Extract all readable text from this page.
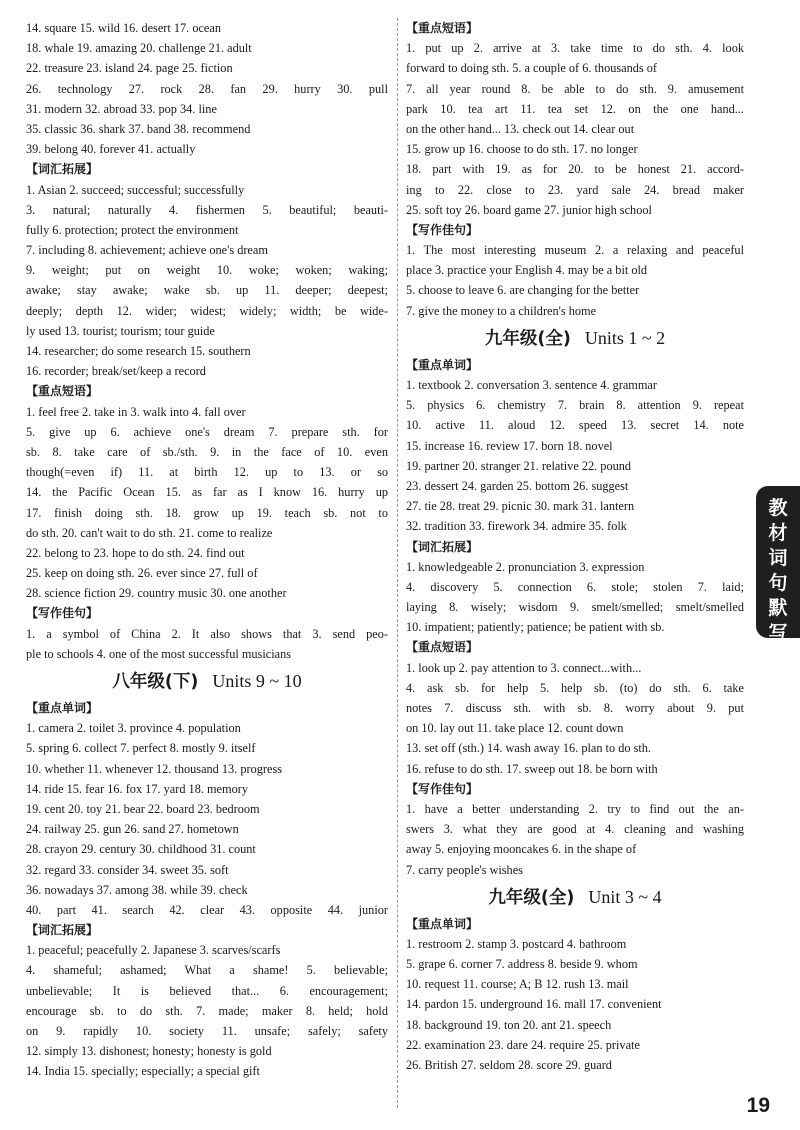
14. square 15. wild 16. desert 17. ocean
18. whale 19. amazing 20. challenge 21. adult
22. treasure 23. island 24. page 25. fiction
26. technology 27. rock 28. fan 29. hurry 30. pull
31. modern 32. abroad 33. pop 34. line
35. classic 36. shark 37. band 38. recommend
39. belong 40. forever 41. actually
【词汇拓展】
1. Asian 2. succeed; successful; successfully
3. natural; naturally 4. fishermen 5. beautiful; beauti-
fully 6. protection; protect the environment
7. including 8. achievement; achieve one's dream
9. weight; put on weight 10. woke; woken; waking;
awake; stay awake; wake sb. up 11. deeper; deepest;
deeply; depth 12. wider; widest; widely; width; be wide-
ly used 13. tourist; tourism; tour guide
14. researcher; do some research 15. southern
16. recorder; break/set/keep a record
【重点短语】
1. feel free 2. take in 3. walk into 4. fall over
5. give up 6. achieve one's dream 7. prepare sth. for
sb. 8. take care of sb./sth. 9. in the face of 10. even
though(=even if) 11. at birth 12. up to 13. or so
14. the Pacific Ocean 15. as far as I know 16. hurry up
17. finish doing sth. 18. grow up 19. teach sb. not to
do sth. 20. can't wait to do sth. 21. come to realize
22. belong to 23. hope to do sth. 24. find out
25. keep on doing sth. 26. ever since 27. full of
28. science fiction 29. country music 30. one another
【写作佳句】
1. a symbol of China 2. It also shows that 3. send peo-
ple to schools 4. one of the most successful musicians
八年级(下) Units 9 ~ 10
【重点单词】
1. camera 2. toilet 3. province 4. population
5. spring 6. collect 7. perfect 8. mostly 9. itself
10. whether 11. whenever 12. thousand 13. progress
14. ride 15. fear 16. fox 17. yard 18. memory
19. cent 20. toy 21. bear 22. board 23. bedroom
24. railway 25. gun 26. sand 27. hometown
28. crayon 29. century 30. childhood 31. count
32. regard 33. consider 34. sweet 35. soft
36. nowadays 37. among 38. while 39. check
40. part 41. search 42. clear 43. opposite 44. junior
【词汇拓展】
1. peaceful; peacefully 2. Japanese 3. scarves/scarfs
4. shameful; ashamed; What a shame! 5. believable;
unbelievable; It is believed that... 6. encouragement;
encourage sb. to do sth. 7. made; maker 8. held; hold
on 9. rapidly 10. society 11. unsafe; safely; safety
12. simply 13. dishonest; honesty; honesty is gold
14. India 15. specially; especially; a special gift
【重点短语】
1. put up 2. arrive at 3. take time to do sth. 4. look
forward to doing sth. 5. a couple of 6. thousands of
7. all year round 8. be able to do sth. 9. amusement
park 10. tea art 11. tea set 12. on the one hand...
on the other hand... 13. check out 14. clear out
15. grow up 16. choose to do sth. 17. no longer
18. part with 19. as for 20. to be honest 21. accord-
ing to 22. close to 23. yard sale 24. bread maker
25. soft toy 26. board game 27. junior high school
【写作佳句】
1. The most interesting museum 2. a relaxing and peaceful
place 3. practice your English 4. may be a bit old
5. choose to leave 6. are changing for the better
7. give the money to a children's home
九年级(全) Units 1 ~ 2
【重点单词】
1. textbook 2. conversation 3. sentence 4. grammar
5. physics 6. chemistry 7. brain 8. attention 9. repeat
10. active 11. aloud 12. speed 13. secret 14. note
15. increase 16. review 17. born 18. novel
19. partner 20. stranger 21. relative 22. pound
23. dessert 24. garden 25. bottom 26. suggest
27. tie 28. treat 29. picnic 30. mark 31. lantern
32. tradition 33. firework 34. admire 35. folk
【词汇拓展】
1. knowledgeable 2. pronunciation 3. expression
4. discovery 5. connection 6. stole; stolen 7. laid;
laying 8. wisely; wisdom 9. smelt/smelled; smelt/smelled
10. impatient; patiently; patience; be patient with sb.
【重点短语】
1. look up 2. pay attention to 3. connect...with...
4. ask sb. for help 5. help sb. (to) do sth. 6. take
notes 7. discuss sth. with sb. 8. worry about 9. put
on 10. lay out 11. take place 12. count down
13. set off (sth.) 14. wash away 16. plan to do sth.
16. refuse to do sth. 17. sweep out 18. be born with
【写作佳句】
1. have a better understanding 2. try to find out the an-
swers 3. what they are good at 4. cleaning and washing
away 5. enjoying mooncakes 6. in the shape of
7. carry people's wishes
九年级(全) Unit 3 ~ 4
【重点单词】
1. restroom 2. stamp 3. postcard 4. bathroom
5. grape 6. corner 7. address 8. beside 9. whom
10. request 11. course; A; B 12. rush 13. mail
14. pardon 15. underground 16. mall 17. convenient
18. background 19. ton 20. ant 21. speech
22. examination 23. dare 24. require 25. private
26. British 27. seldom 28. score 29. guard
教
材
词
句
默
写
19
